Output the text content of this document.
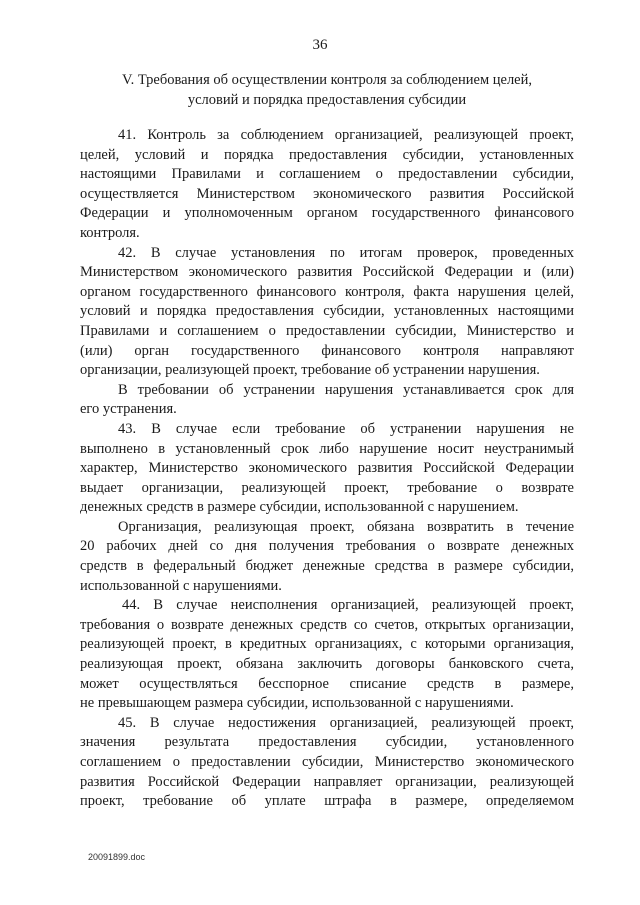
36
V. Требования об осуществлении контроля за соблюдением целей,
условий и порядка предоставления субсидии
41. Контроль за соблюдением организацией, реализующей проект,
целей, условий и порядка предоставления субсидии, установленных
настоящими Правилами и соглашением о предоставлении субсидии,
осуществляется Министерством экономического развития Российской
Федерации и уполномоченным органом государственного финансового
контроля.
42. В случае установления по итогам проверок, проведенных
Министерством экономического развития Российской Федерации и (или)
органом государственного финансового контроля, факта нарушения целей,
условий и порядка предоставления субсидии, установленных настоящими
Правилами и соглашением о предоставлении субсидии, Министерство и
(или) орган государственного финансового контроля направляют
организации, реализующей проект, требование об устранении нарушения.
В требовании об устранении нарушения устанавливается срок для
его устранения.
43. В случае если требование об устранении нарушения не
выполнено в установленный срок либо нарушение носит неустранимый
характер, Министерство экономического развития Российской Федерации
выдает организации, реализующей проект, требование о возврате
денежных средств в размере субсидии, использованной с нарушением.
Организация, реализующая проект, обязана возвратить в течение
20 рабочих дней со дня получения требования о возврате денежных
средств в федеральный бюджет денежные средства в размере субсидии,
использованной с нарушениями.
44. В случае неисполнения организацией, реализующей проект,
требования о возврате денежных средств со счетов, открытых организации,
реализующей проект, в кредитных организациях, с которыми организация,
реализующая проект, обязана заключить договоры банковского счета,
может осуществляться бесспорное списание средств в размере,
не превышающем размера субсидии, использованной с нарушениями.
45. В случае недостижения организацией, реализующей проект,
значения результата предоставления субсидии, установленного
соглашением о предоставлении субсидии, Министерство экономического
развития Российской Федерации направляет организации, реализующей
проект, требование об уплате штрафа в размере, определяемом
20091899.doc
